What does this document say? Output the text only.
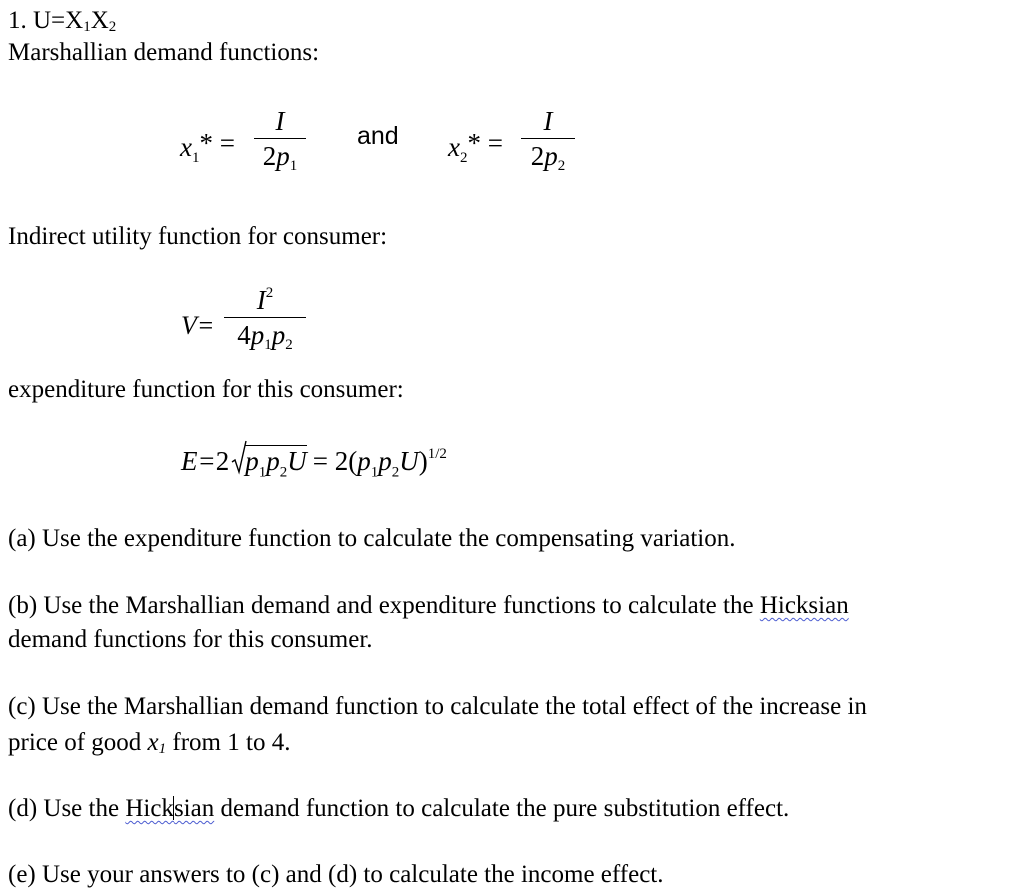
1. $U=X_1X_2$
Marshallian demand functions:
$x_1*$ =
I
$2p_1$
and $x_2*$ =
I
$2p_2$
Indirect utility function for consumer:
V=
$I^2$
$4p_1p_2$
expenditure function for this consumer:
E=2 $p_1p_2U = 2(p_1p_2U)^{1/2}$
(a) Use the expenditure function to calculate the compensating variation.
(b) Use the Marshallian demand and expenditure functions to calculate the Hicksian
demand functions for this consumer.
(c) Use the Marshallian demand function to calculate the total effect of the increase in
price of good $x_1$ from 1 to 4.
(d) Use the Hicksian demand function to calculate the pure substitution effect.
(e) Use your answers to (c) and (d) to calculate the income effect.
